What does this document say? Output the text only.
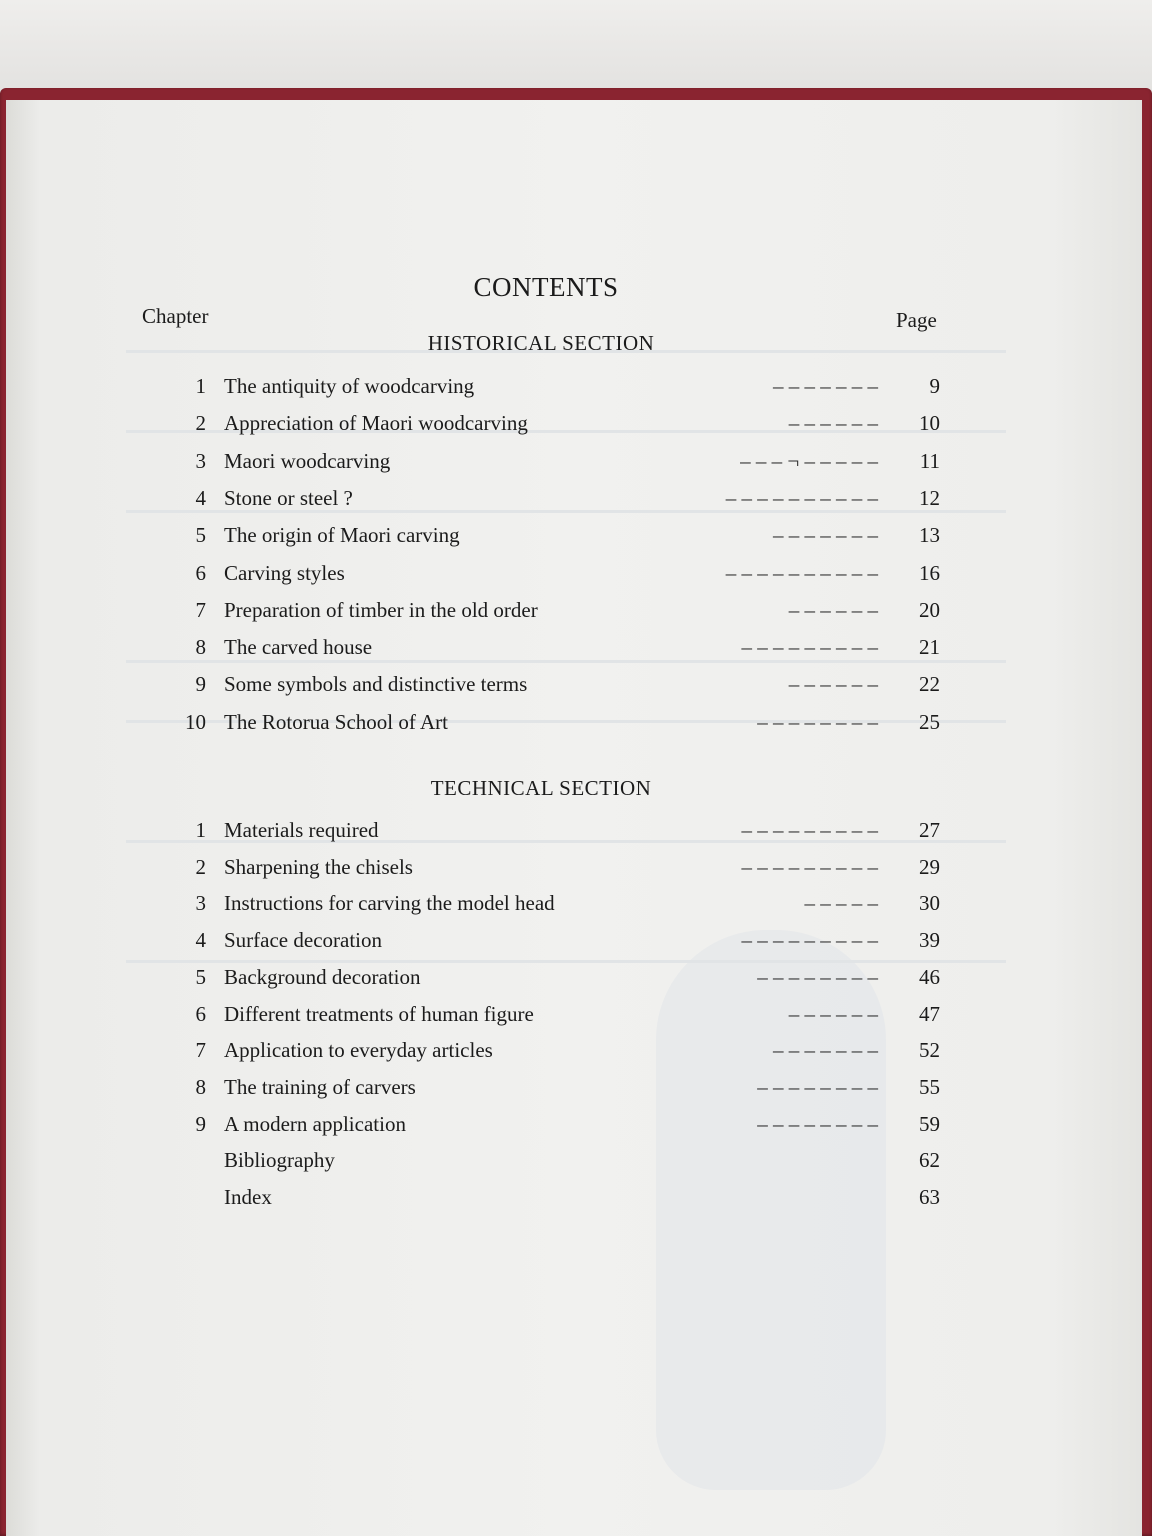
CONTENTS
Chapter	Page
HISTORICAL SECTION
1 The antiquity of woodcarving	– – – – – – – 9
2 Appreciation of Maori woodcarving	– – – – – – 10
3 Maori woodcarving	– – – ¬ – – – – – 11
4 Stone or steel ?	– – – – – – – – – – 12
5 The origin of Maori carving	– – – – – – – 13
6 Carving styles	– – – – – – – – – – 16
7 Preparation of timber in the old order	– – – – – – 20
8 The carved house	– – – – – – – – – 21
9 Some symbols and distinctive terms	– – – – – – 22
10 The Rotorua School of Art	– – – – – – – – 25
TECHNICAL SECTION
1 Materials required	– – – – – – – – – 27
2 Sharpening the chisels	– – – – – – – – – 29
3 Instructions for carving the model head	– – – – – 30
4 Surface decoration	– – – – – – – – – 39
5 Background decoration	– – – – – – – – 46
6 Different treatments of human figure	– – – – – – 47
7 Application to everyday articles	– – – – – – – 52
8 The training of carvers	– – – – – – – – 55
9 A modern application	– – – – – – – – 59
Bibliography	62
Index	63
